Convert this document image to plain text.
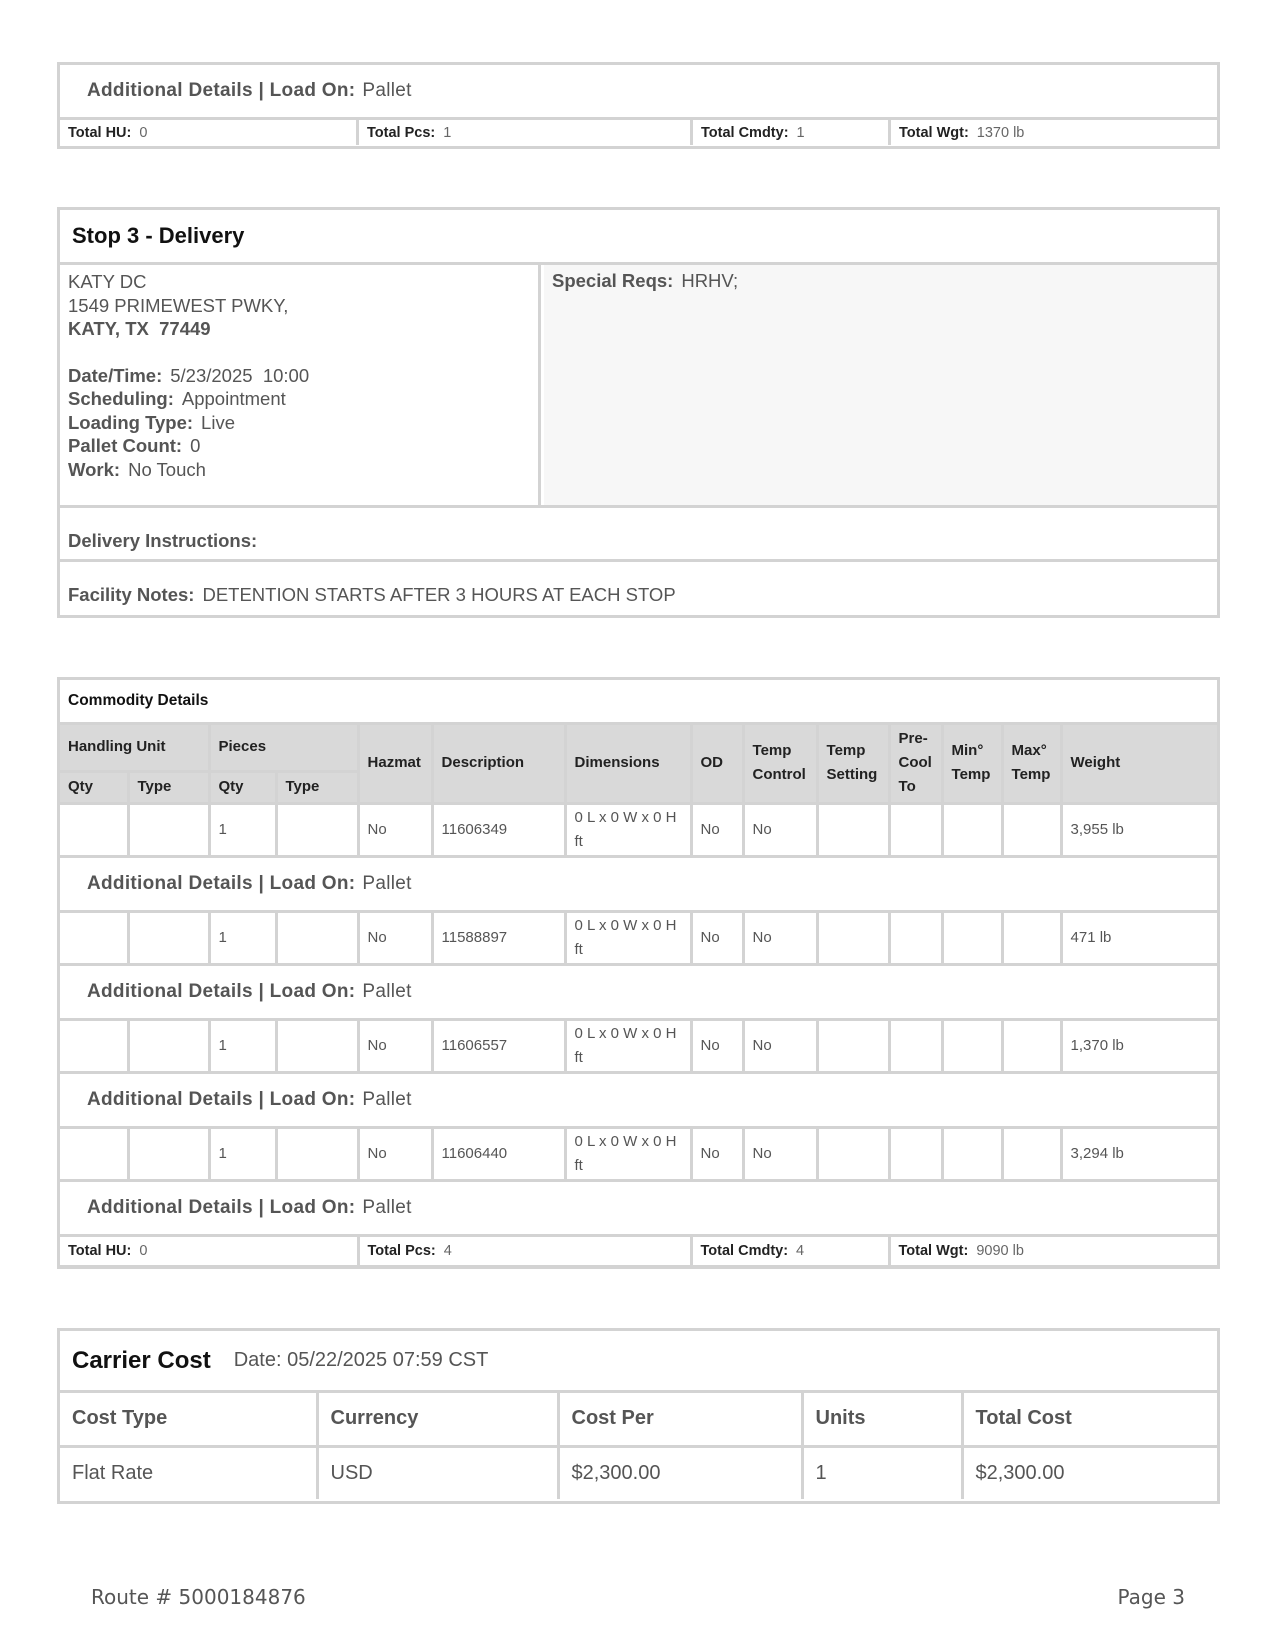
Additional Details | Load On: Pallet
Total HU: 0	Total Pcs: 1	Total Cmdty: 1	Total Wgt: 1370 lb
Stop 3 - Delivery
KATY DC
1549 PRIMEWEST PWKY,
KATY, TX  77449
Date/Time: 5/23/2025  10:00
Scheduling: Appointment
Loading Type: Live
Pallet Count: 0
Work: No Touch
Special Reqs: HRHV;
Delivery Instructions:
Facility Notes: DETENTION STARTS AFTER 3 HOURS AT EACH STOP
Commodity Details
Handling Unit		Pieces		Hazmat	Description	Dimensions	OD	Temp Control	Temp Setting	Pre-Cool To	Min° Temp	Max° Temp	Weight
Qty	Type	Qty	Type										
		1		No	11606349	0 L x 0 W x 0 H ft	No	No					3,955 lb
Additional Details | Load On: Pallet													
		1		No	11588897	0 L x 0 W x 0 H ft	No	No					471 lb
Additional Details | Load On: Pallet													
		1		No	11606557	0 L x 0 W x 0 H ft	No	No					1,370 lb
Additional Details | Load On: Pallet													
		1		No	11606440	0 L x 0 W x 0 H ft	No	No					3,294 lb
Additional Details | Load On: Pallet													
Total HU: 0				Total Pcs: 4			Total Cmdty: 4			Total Wgt: 9090 lb			
Carrier Cost Date: 05/22/2025 07:59 CST
Cost Type	Currency	Cost Per	Units	Total Cost
Flat Rate	USD	$2,300.00	1	$2,300.00
Route # 5000184876	Page 3
